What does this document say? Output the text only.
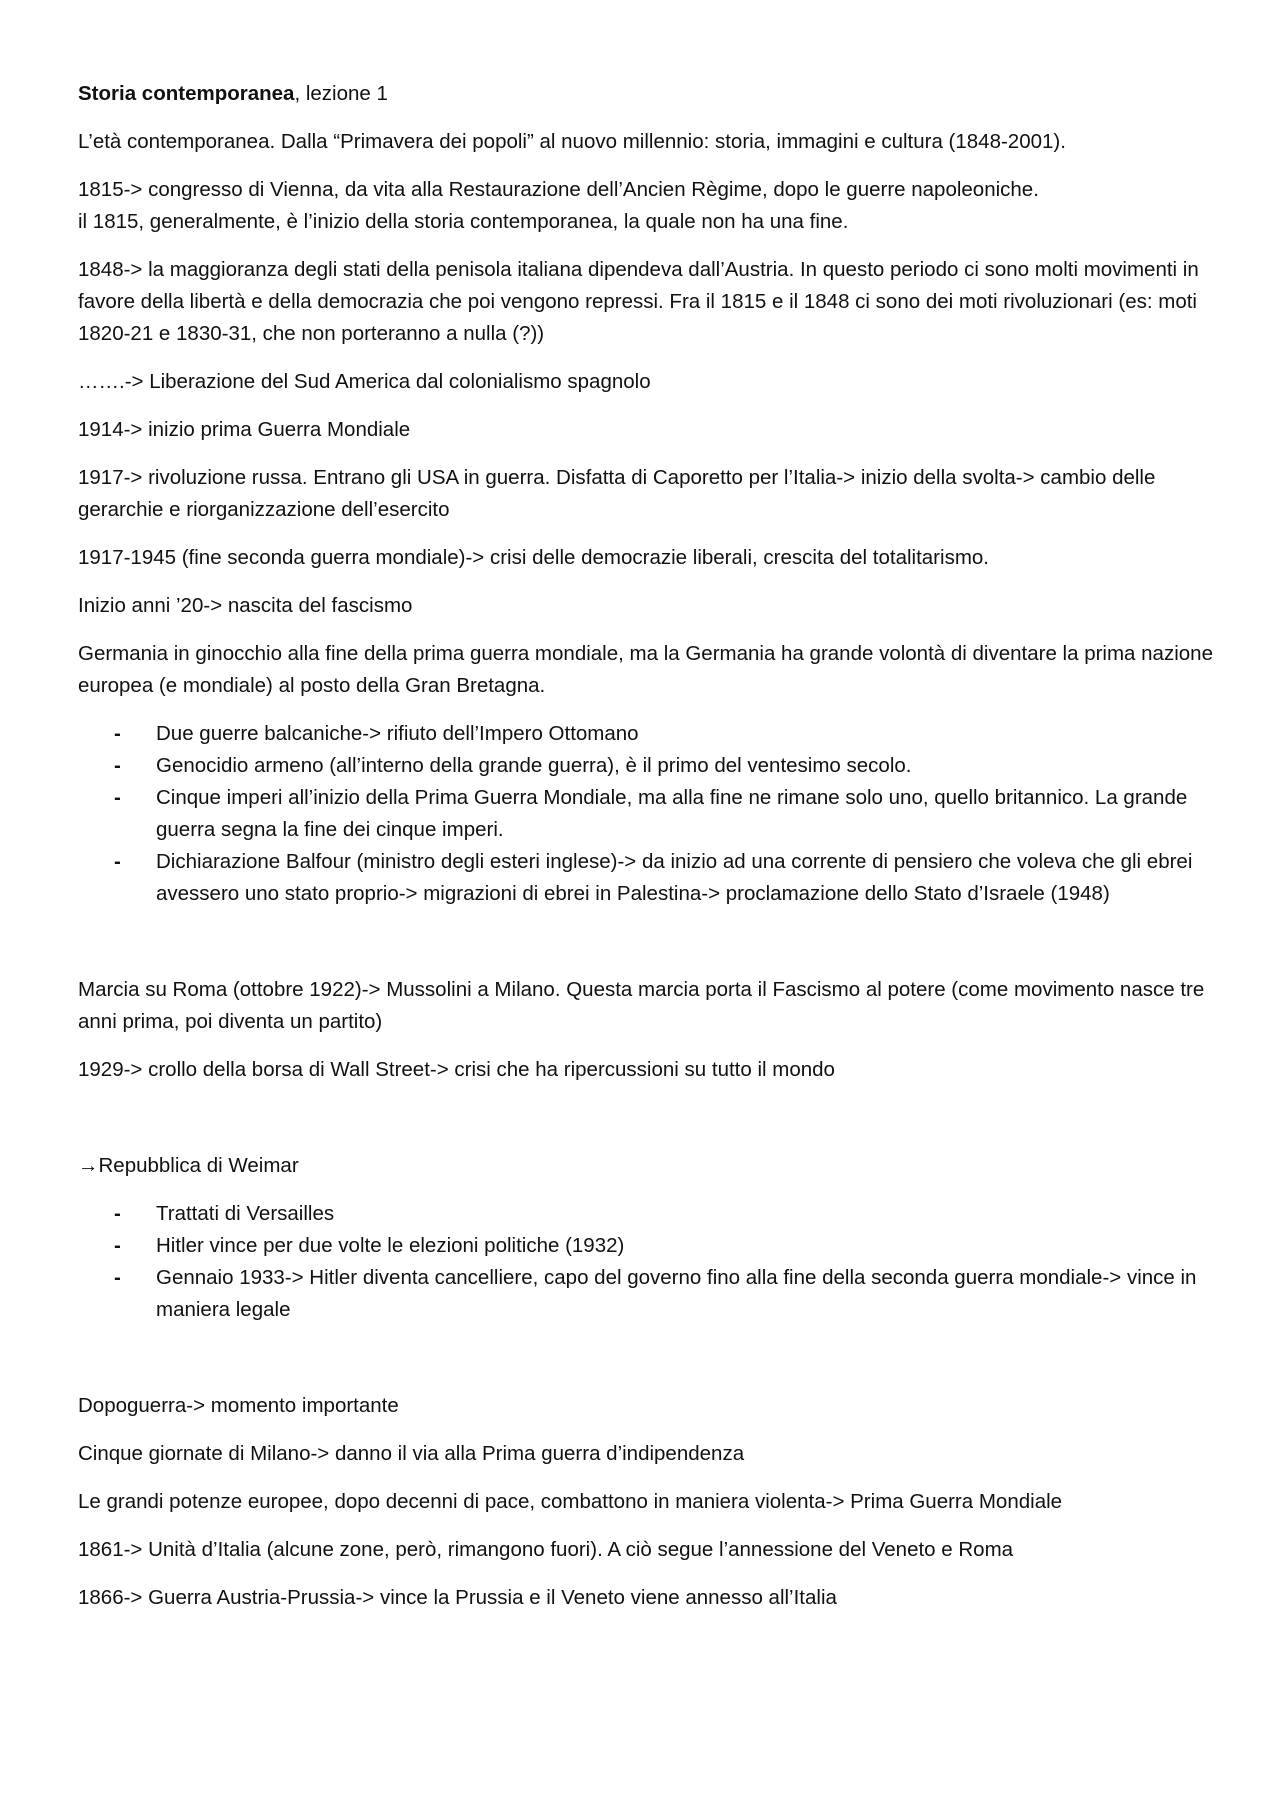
Storia contemporanea, lezione 1

L’età contemporanea. Dalla “Primavera dei popoli” al nuovo millennio: storia, immagini e cultura (1848-2001).

1815-> congresso di Vienna, da vita alla Restaurazione dell’Ancien Règime, dopo le guerre napoleoniche.
il 1815, generalmente, è l’inizio della storia contemporanea, la quale non ha una fine.

1848-> la maggioranza degli stati della penisola italiana dipendeva dall’Austria. In questo periodo ci sono molti movimenti in favore della libertà e della democrazia che poi vengono repressi. Fra il 1815 e il 1848 ci sono dei moti rivoluzionari (es: moti 1820-21 e 1830-31, che non porteranno a nulla (?))

…….-> Liberazione del Sud America dal colonialismo spagnolo

1914-> inizio prima Guerra Mondiale

1917-> rivoluzione russa. Entrano gli USA in guerra. Disfatta di Caporetto per l’Italia-> inizio della svolta-> cambio delle gerarchie e riorganizzazione dell’esercito

1917-1945 (fine seconda guerra mondiale)-> crisi delle democrazie liberali, crescita del totalitarismo.

Inizio anni ’20-> nascita del fascismo

Germania in ginocchio alla fine della prima guerra mondiale, ma la Germania ha grande volontà di diventare la prima nazione europea (e mondiale) al posto della Gran Bretagna.

- Due guerre balcaniche-> rifiuto dell’Impero Ottomano
- Genocidio armeno (all’interno della grande guerra), è il primo del ventesimo secolo.
- Cinque imperi all’inizio della Prima Guerra Mondiale, ma alla fine ne rimane solo uno, quello britannico. La grande guerra segna la fine dei cinque imperi.
- Dichiarazione Balfour (ministro degli esteri inglese)-> da inizio ad una corrente di pensiero che voleva che gli ebrei avessero uno stato proprio-> migrazioni di ebrei in Palestina-> proclamazione dello Stato d’Israele (1948)

Marcia su Roma (ottobre 1922)-> Mussolini a Milano. Questa marcia porta il Fascismo al potere (come movimento nasce tre anni prima, poi diventa un partito)

1929-> crollo della borsa di Wall Street-> crisi che ha ripercussioni su tutto il mondo

→Repubblica di Weimar

- Trattati di Versailles
- Hitler vince per due volte le elezioni politiche (1932)
- Gennaio 1933-> Hitler diventa cancelliere, capo del governo fino alla fine della seconda guerra mondiale-> vince in maniera legale

Dopoguerra-> momento importante

Cinque giornate di Milano-> danno il via alla Prima guerra d’indipendenza

Le grandi potenze europee, dopo decenni di pace, combattono in maniera violenta-> Prima Guerra Mondiale

1861-> Unità d’Italia (alcune zone, però, rimangono fuori). A ciò segue l’annessione del Veneto e Roma

1866-> Guerra Austria-Prussia-> vince la Prussia e il Veneto viene annesso all’Italia
